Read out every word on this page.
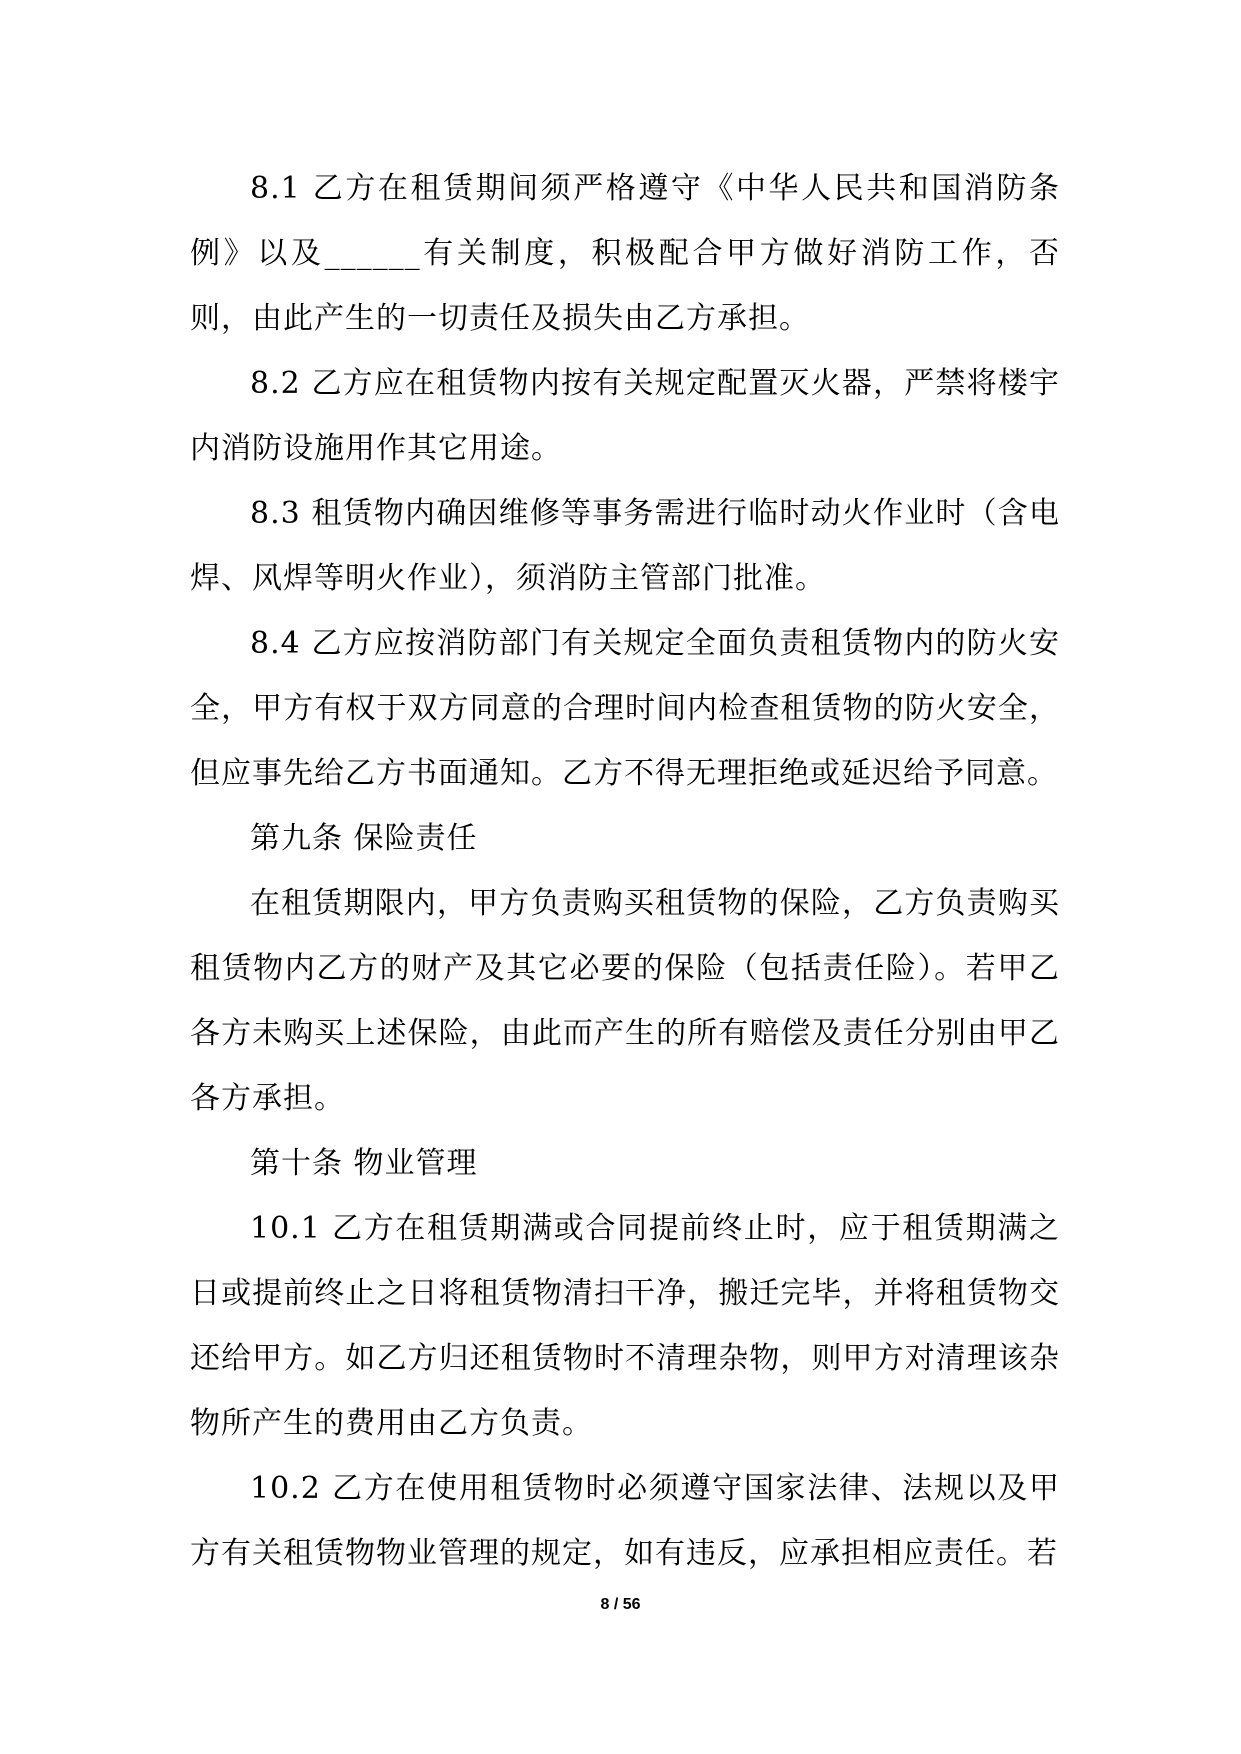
8.1 乙方在租赁期间须严格遵守《中华人民共和国消防条例》以及______有关制度，积极配合甲方做好消防工作，否则，由此产生的一切责任及损失由乙方承担。

8.2 乙方应在租赁物内按有关规定配置灭火器，严禁将楼宇内消防设施用作其它用途。

8.3 租赁物内确因维修等事务需进行临时动火作业时（含电焊、风焊等明火作业），须消防主管部门批准。

8.4 乙方应按消防部门有关规定全面负责租赁物内的防火安全，甲方有权于双方同意的合理时间内检查租赁物的防火安全，但应事先给乙方书面通知。乙方不得无理拒绝或延迟给予同意。

第九条 保险责任

在租赁期限内，甲方负责购买租赁物的保险，乙方负责购买租赁物内乙方的财产及其它必要的保险（包括责任险）。若甲乙各方未购买上述保险，由此而产生的所有赔偿及责任分别由甲乙各方承担。

第十条 物业管理

10.1 乙方在租赁期满或合同提前终止时，应于租赁期满之日或提前终止之日将租赁物清扫干净，搬迁完毕，并将租赁物交还给甲方。如乙方归还租赁物时不清理杂物，则甲方对清理该杂物所产生的费用由乙方负责。

10.2 乙方在使用租赁物时必须遵守国家法律、法规以及甲方有关租赁物物业管理的规定，如有违反，应承担相应责任。若

8 / 56
